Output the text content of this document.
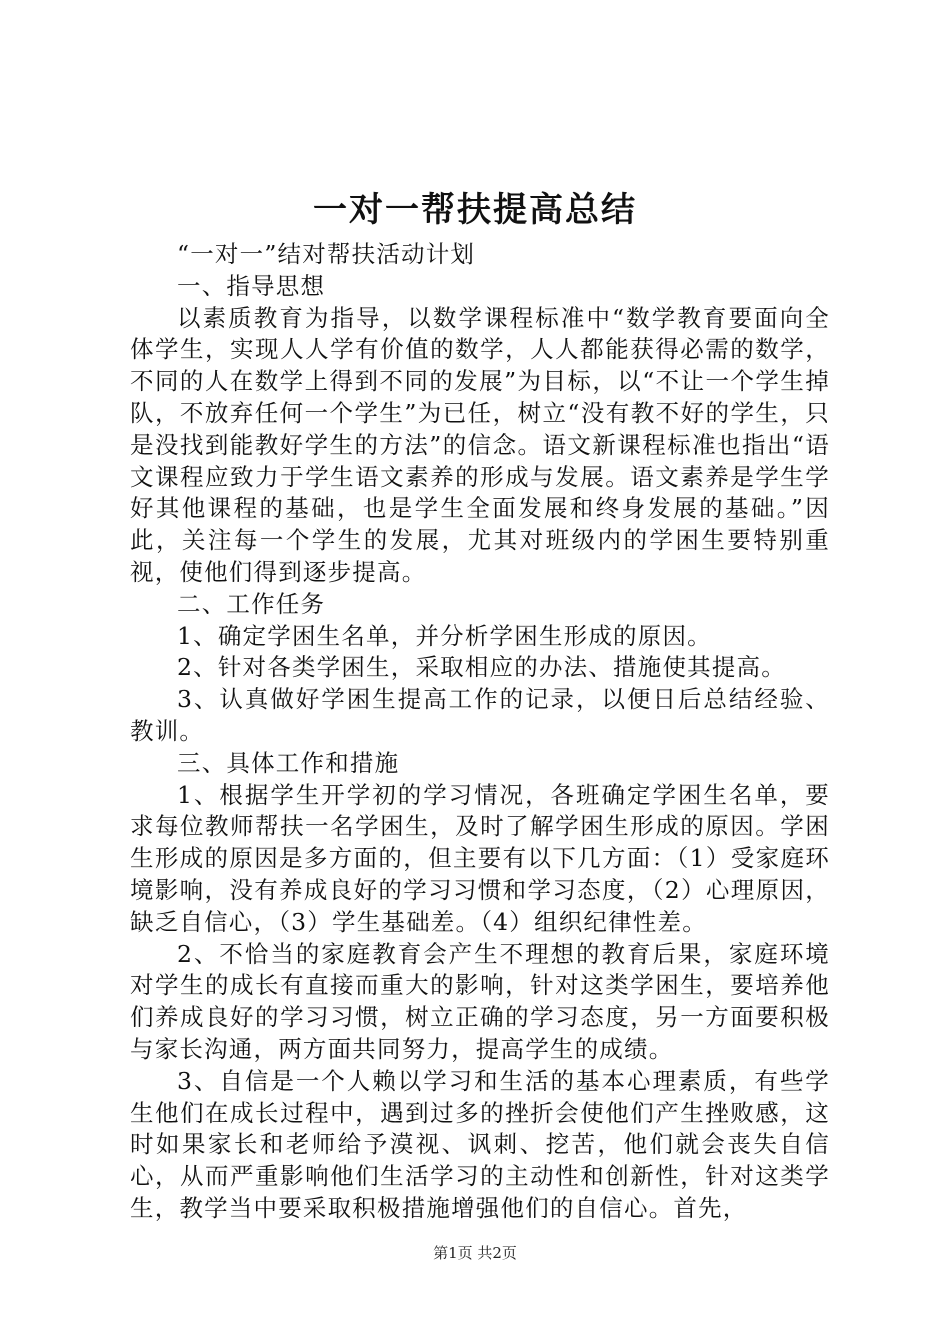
一对一帮扶提高总结

“一对一”结对帮扶活动计划

一、指导思想

以素质教育为指导，以数学课程标准中“数学教育要面向全体学生，实现人人学有价值的数学，人人都能获得必需的数学，不同的人在数学上得到不同的发展”为目标，以“不让一个学生掉队，不放弃任何一个学生”为已任，树立“没有教不好的学生，只是没找到能教好学生的方法”的信念。语文新课程标准也指出“语文课程应致力于学生语文素养的形成与发展。语文素养是学生学好其他课程的基础，也是学生全面发展和终身发展的基础。”因此，关注每一个学生的发展，尤其对班级内的学困生要特别重视，使他们得到逐步提高。

二、工作任务

1、确定学困生名单，并分析学困生形成的原因。

2、针对各类学困生，采取相应的办法、措施使其提高。

3、认真做好学困生提高工作的记录，以便日后总结经验、教训。

三、具体工作和措施

1、根据学生开学初的学习情况，各班确定学困生名单，要求每位教师帮扶一名学困生，及时了解学困生形成的原因。学困生形成的原因是多方面的，但主要有以下几方面：（1）受家庭环境影响，没有养成良好的学习习惯和学习态度，（2）心理原因，缺乏自信心，（3）学生基础差。（4）组织纪律性差。

2、不恰当的家庭教育会产生不理想的教育后果，家庭环境对学生的成长有直接而重大的影响，针对这类学困生，要培养他们养成良好的学习习惯，树立正确的学习态度，另一方面要积极与家长沟通，两方面共同努力，提高学生的成绩。

3、自信是一个人赖以学习和生活的基本心理素质，有些学生他们在成长过程中，遇到过多的挫折会使他们产生挫败感，这时如果家长和老师给予漠视、讽刺、挖苦，他们就会丧失自信心，从而严重影响他们生活学习的主动性和创新性，针对这类学生，教学当中要采取积极措施增强他们的自信心。首先，

第1页 共2页
